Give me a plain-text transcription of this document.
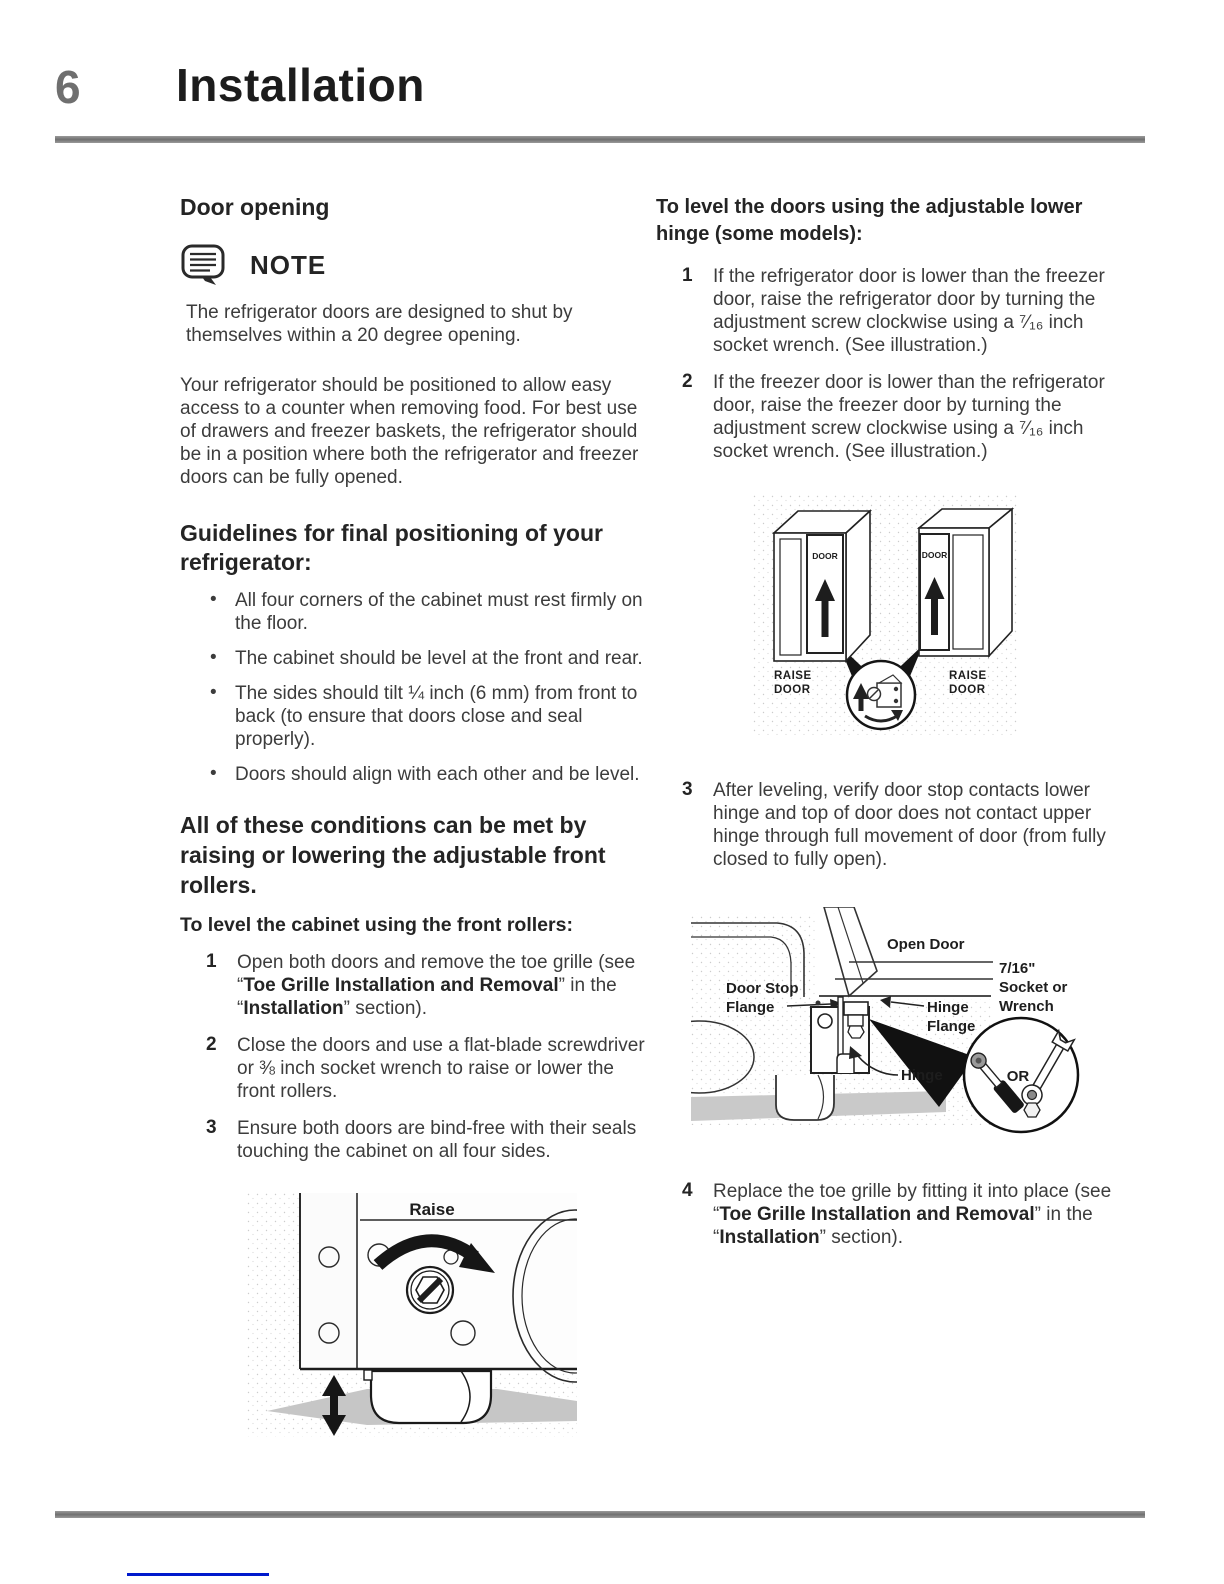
6 Installation
Door opening
NOTE

The refrigerator doors are designed to shut by themselves within a 20 degree opening.

Your refrigerator should be positioned to allow easy access to a counter when removing food. For best use of drawers and freezer baskets, the refrigerator should be in a position where both the refrigerator and freezer doors can be fully opened.

Guidelines for final positioning of your refrigerator:
•

All four corners of the cabinet must rest firmly on the floor.

•

The cabinet should be level at the front and rear.

•

The sides should tilt ¼ inch (6 mm) from front to back (to ensure that doors close and seal properly).

•

Doors should align with each other and be level.

All of these conditions can be met by raising or lowering the adjustable front rollers.
To level the cabinet using the front rollers:
1	Open both doors and remove the toe grille (see “Toe Grille Installation and Removal” in the “Installation” section).

2	Close the doors and use a flat-blade screwdriver or ⅜ inch socket wrench to raise or lower the front rollers.

3	Ensure both doors are bind-free with their seals touching the cabinet on all four sides.

Raise
To level the doors using the adjustable lower hinge (some models):
1	If the refrigerator door is lower than the freezer door, raise the refrigerator door by turning the adjustment screw clockwise using a ⁷⁄₁₆ inch socket wrench. (See illustration.)

2	If the freezer door is lower than the refrigerator door, raise the freezer door by turning the adjustment screw clockwise using a ⁷⁄₁₆ inch socket wrench. (See illustration.)

DOOR	DOOR
RAISE
DOOR
RAISE
DOOR
3	After leveling, verify door stop contacts lower hinge and top of door does not contact upper hinge through full movement of door (from fully closed to fully open).

Open Door
7/16"
Socket or
Wrench
Door Stop
Flange	Hinge
Flange
Hinge	OR
4	Replace the toe grille by fitting it into place (see “Toe Grille Installation and Removal” in the “Installation” section).
